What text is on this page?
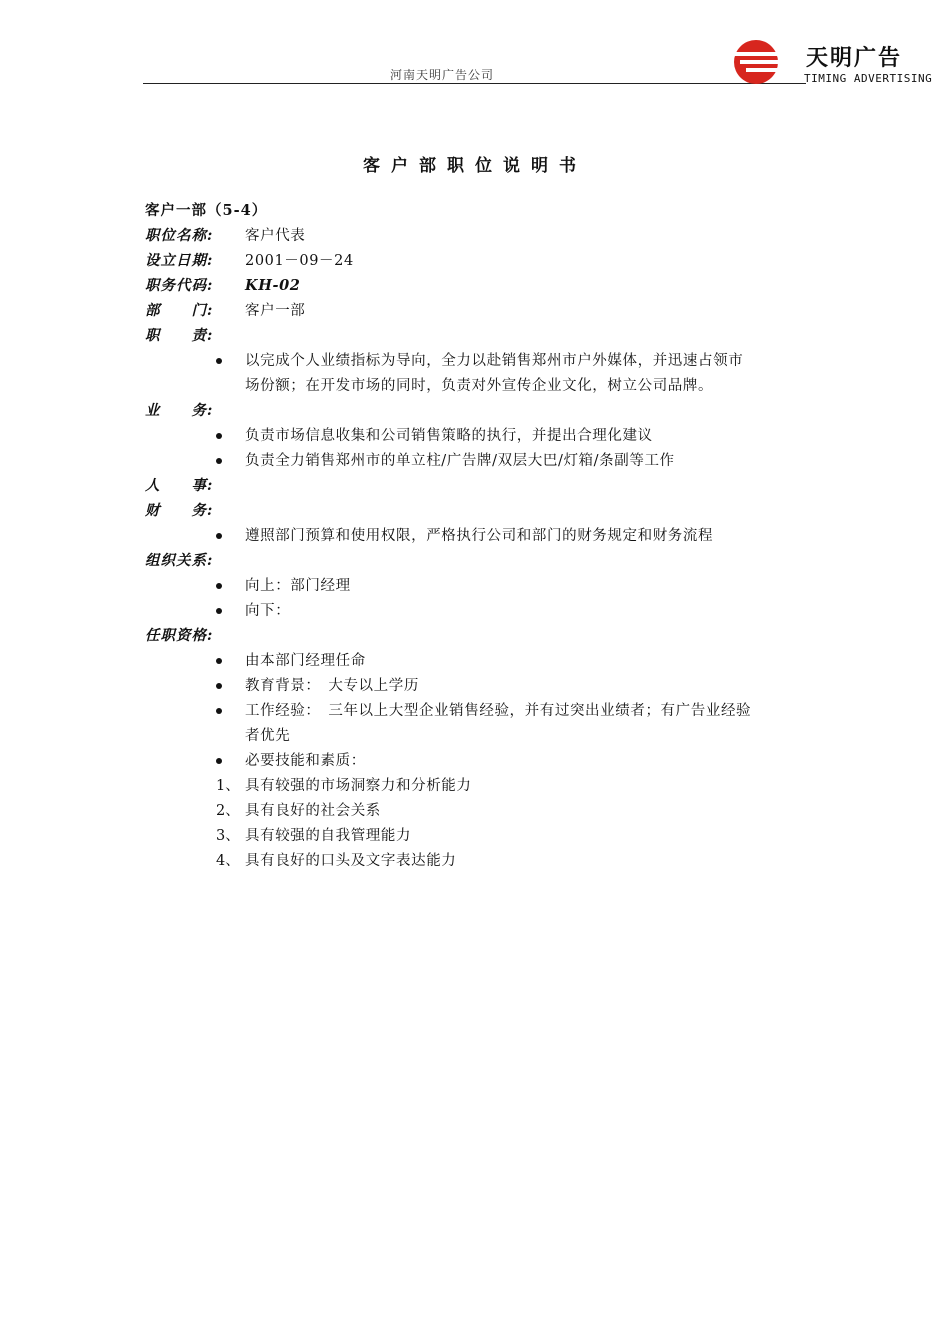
河南天明广告公司
天明广告
TIMING ADVERTISING
客户部职位说明书
客户一部（5-4）
职位名称: 客户代表
设立日期: 2001－09－24
职务代码: KH-02
部　　门: 客户一部
职　　责:
以完成个人业绩指标为导向，全力以赴销售郑州市户外媒体，并迅速占领市
场份额；在开发市场的同时，负责对外宣传企业文化，树立公司品牌。
业　　务:
负责市场信息收集和公司销售策略的执行，并提出合理化建议
负责全力销售郑州市的单立柱/广告牌/双层大巴/灯箱/条副等工作
人　　事:
财　　务:
遵照部门预算和使用权限，严格执行公司和部门的财务规定和财务流程
组织关系:
向上：部门经理
向下：
任职资格:
由本部门经理任命
教育背景：　大专以上学历
工作经验：　三年以上大型企业销售经验，并有过突出业绩者；有广告业经验
者优先
必要技能和素质：
1、 具有较强的市场洞察力和分析能力
2、 具有良好的社会关系
3、 具有较强的自我管理能力
4、 具有良好的口头及文字表达能力
